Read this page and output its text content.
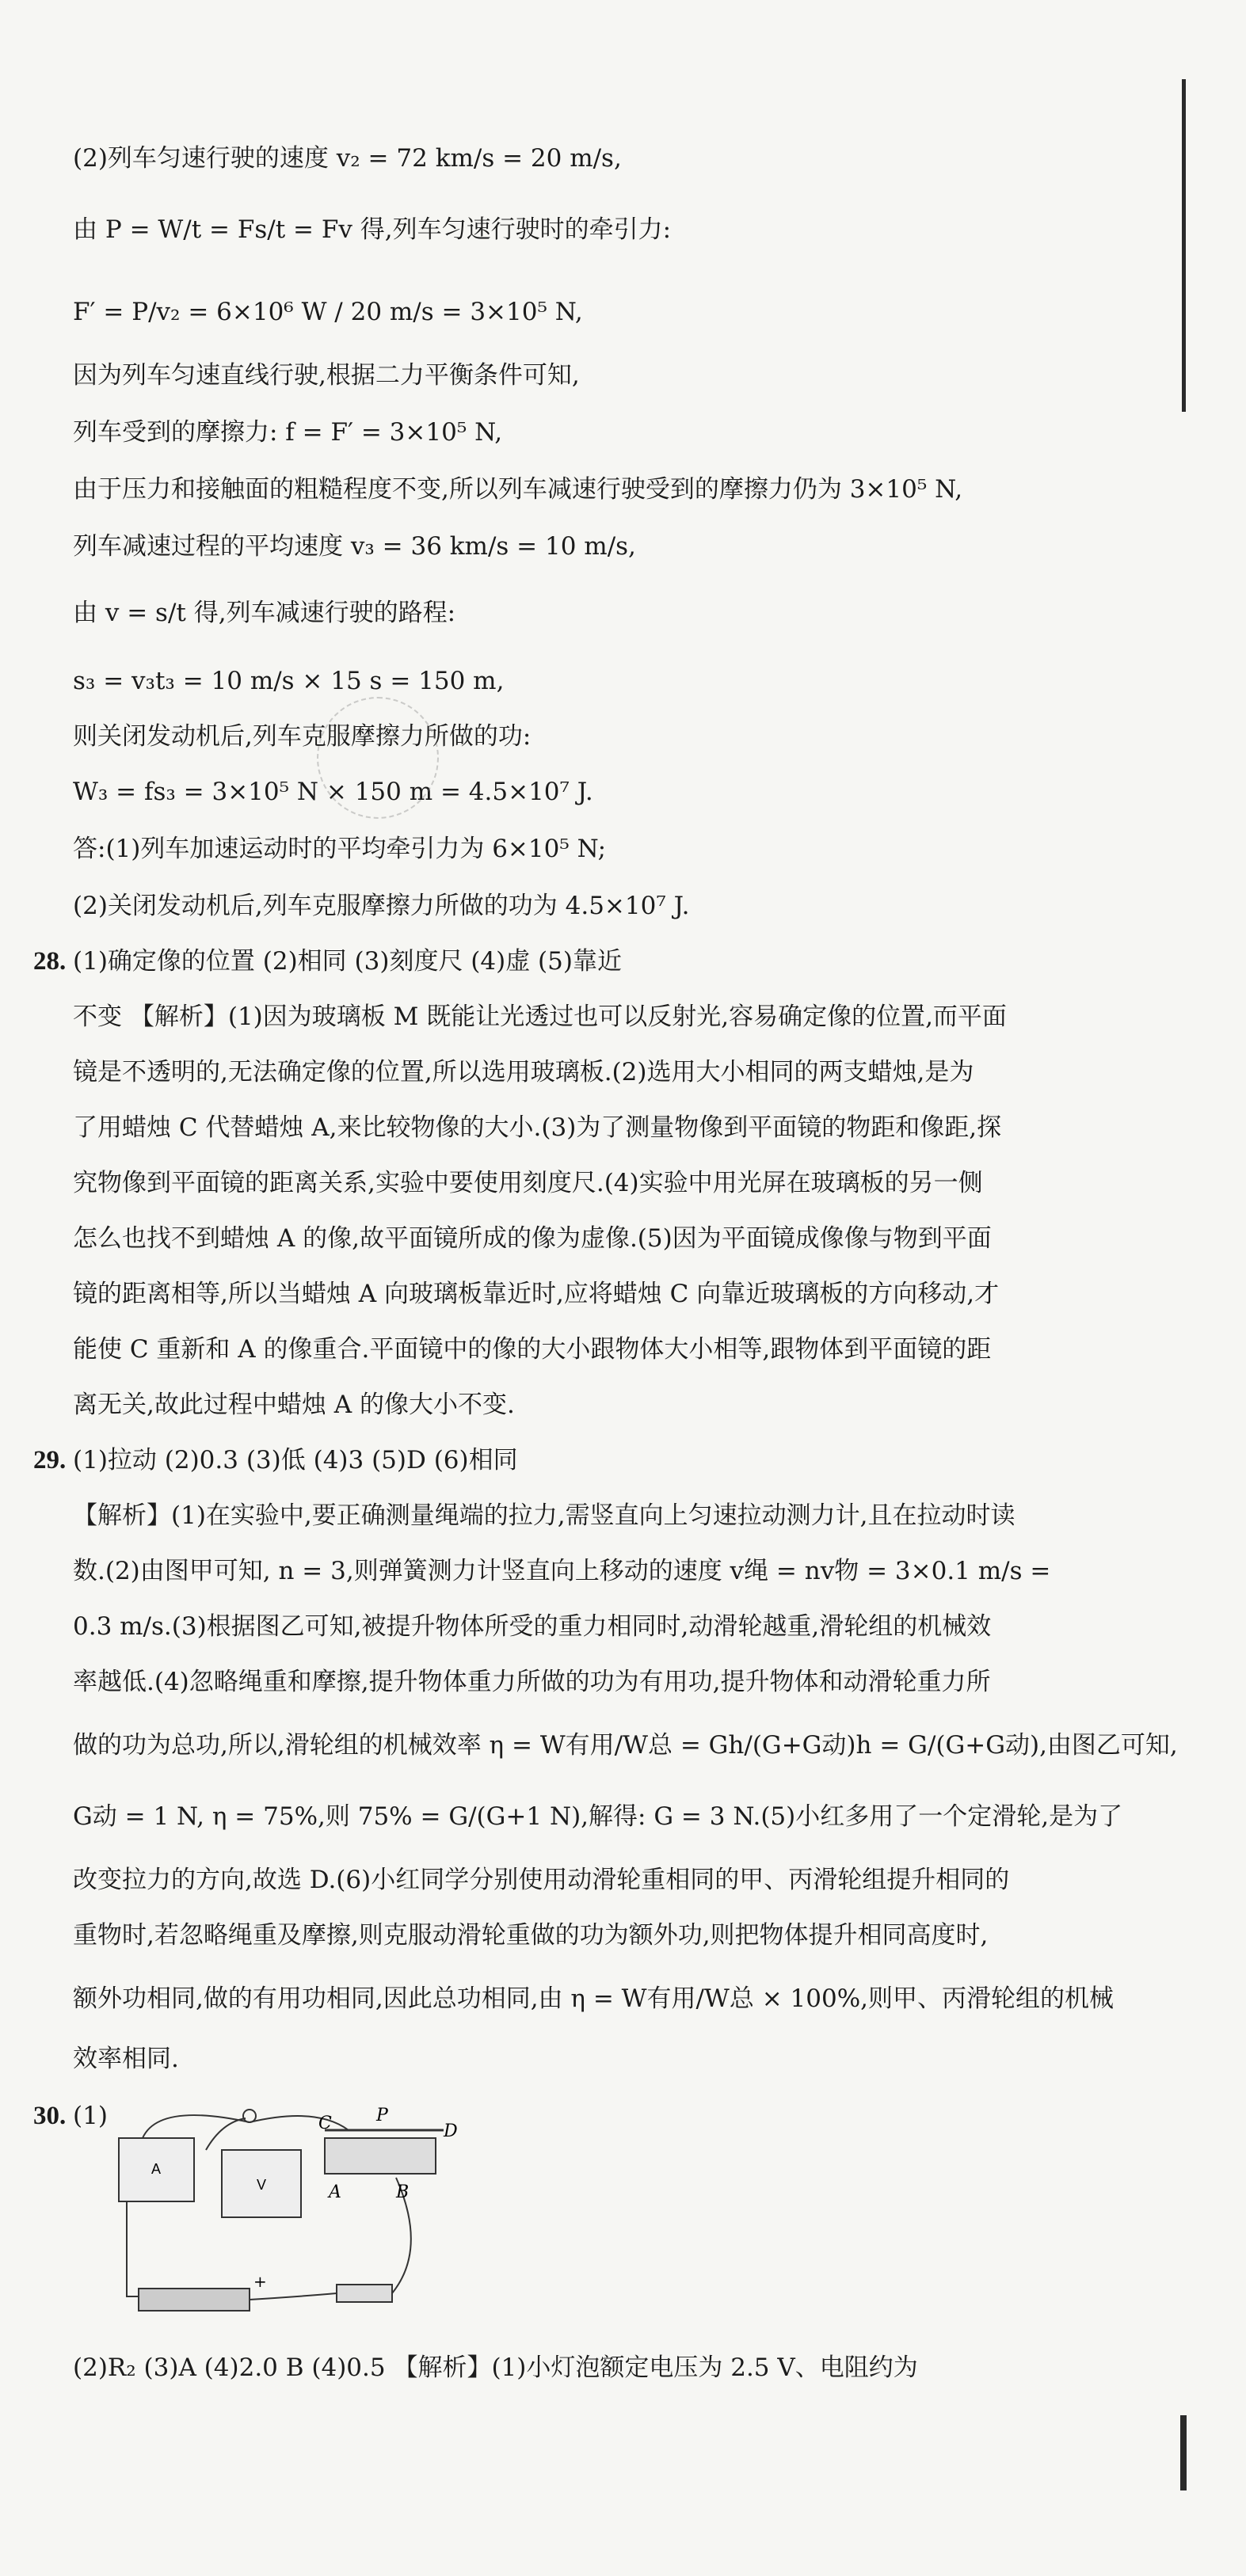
(2)列车匀速行驶的速度 v₂ = 72 km/s = 20 m/s,
由 P = W/t = Fs/t = Fv 得,列车匀速行驶时的牵引力:
F′ = P/v₂ = 6×10⁶ W / 20 m/s = 3×10⁵ N,
因为列车匀速直线行驶,根据二力平衡条件可知,
列车受到的摩擦力: f = F′ = 3×10⁵ N,
由于压力和接触面的粗糙程度不变,所以列车减速行驶受到的摩擦力仍为 3×10⁵ N,
列车减速过程的平均速度 v₃ = 36 km/s = 10 m/s,
由 v = s/t 得,列车减速行驶的路程:
s₃ = v₃t₃ = 10 m/s × 15 s = 150 m,
则关闭发动机后,列车克服摩擦力所做的功:
W₃ = fs₃ = 3×10⁵ N × 150 m = 4.5×10⁷ J.
答:(1)列车加速运动时的平均牵引力为 6×10⁵ N;
(2)关闭发动机后,列车克服摩擦力所做的功为 4.5×10⁷ J.
28. (1)确定像的位置 (2)相同 (3)刻度尺 (4)虚 (5)靠近
不变 【解析】(1)因为玻璃板 M 既能让光透过也可以反射光,容易确定像的位置,而平面
镜是不透明的,无法确定像的位置,所以选用玻璃板.(2)选用大小相同的两支蜡烛,是为
了用蜡烛 C 代替蜡烛 A,来比较物像的大小.(3)为了测量物像到平面镜的物距和像距,探
究物像到平面镜的距离关系,实验中要使用刻度尺.(4)实验中用光屏在玻璃板的另一侧
怎么也找不到蜡烛 A 的像,故平面镜所成的像为虚像.(5)因为平面镜成像像与物到平面
镜的距离相等,所以当蜡烛 A 向玻璃板靠近时,应将蜡烛 C 向靠近玻璃板的方向移动,才
能使 C 重新和 A 的像重合.平面镜中的像的大小跟物体大小相等,跟物体到平面镜的距
离无关,故此过程中蜡烛 A 的像大小不变.
29. (1)拉动 (2)0.3 (3)低 (4)3 (5)D (6)相同
【解析】(1)在实验中,要正确测量绳端的拉力,需竖直向上匀速拉动测力计,且在拉动时读
数.(2)由图甲可知, n = 3,则弹簧测力计竖直向上移动的速度 v绳 = nv物 = 3×0.1 m/s =
0.3 m/s.(3)根据图乙可知,被提升物体所受的重力相同时,动滑轮越重,滑轮组的机械效
率越低.(4)忽略绳重和摩擦,提升物体重力所做的功为有用功,提升物体和动滑轮重力所
做的功为总功,所以,滑轮组的机械效率 η = W有用/W总 = Gh/(G+G动)h = G/(G+G动),由图乙可知,
G动 = 1 N, η = 75%,则 75% = G/(G+1 N),解得: G = 3 N.(5)小红多用了一个定滑轮,是为了
改变拉力的方向,故选 D.(6)小红同学分别使用动滑轮重相同的甲、丙滑轮组提升相同的
重物时,若忽略绳重及摩擦,则克服动滑轮重做的功为额外功,则把物体提升相同高度时,
额外功相同,做的有用功相同,因此总功相同,由 η = W有用/W总 × 100%,则甲、丙滑轮组的机械
效率相同.
30. (1)
A
V
C	P
D
A	B
+
(2)R₂ (3)A (4)2.0 B (4)0.5 【解析】(1)小灯泡额定电压为 2.5 V、电阻约为
